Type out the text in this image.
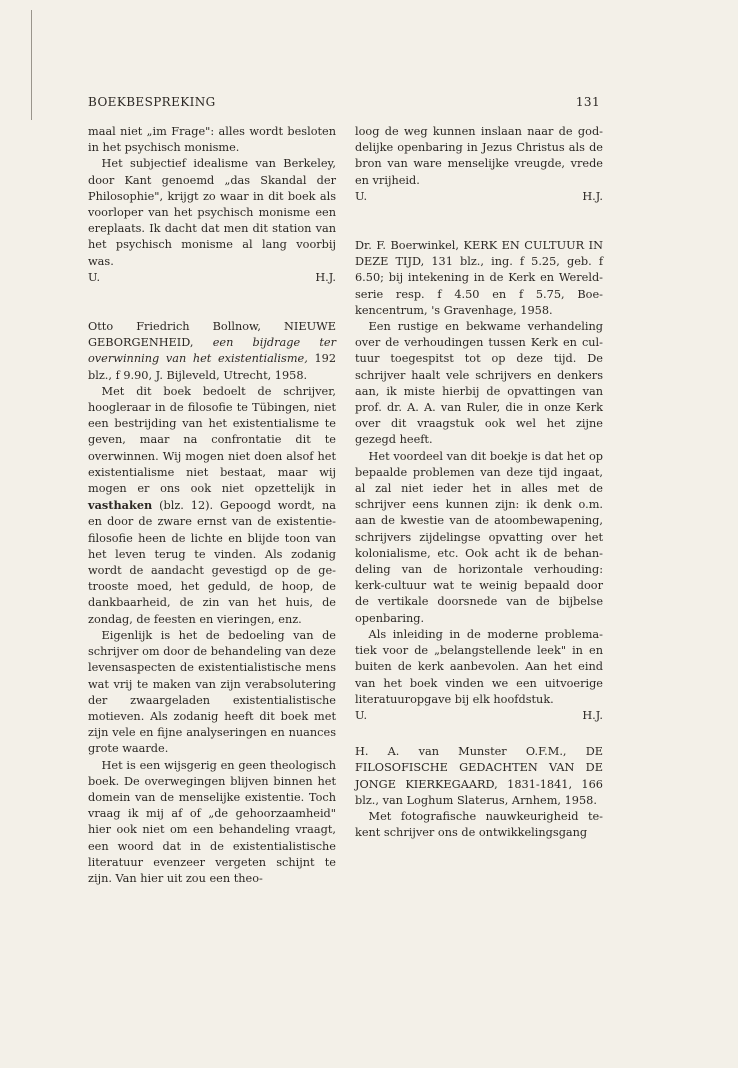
BOEKBESPREKING	131

maal niet „im Frage": alles wordt besloten in het psychisch monisme.

Het subjectief idealisme van Berkeley, door Kant genoemd „das Skandal der Philosophie", krijgt zo waar in dit boek als voorloper van het psychisch monisme een ereplaats. Ik dacht dat men dit station van het psychisch monisme al lang voorbij was.

U.	H.J.

Otto Friedrich Bollnow, NIEUWE GEBORGENHEID, een bijdrage ter overwinning van het existentialisme, 192 blz., f 9.90, J. Bijleveld, Utrecht, 1958.

Met dit boek bedoelt de schrijver, hoogleraar in de filosofie te Tübingen, niet een bestrijding van het existentialisme te geven, maar na confrontatie dit te overwinnen. Wij mogen niet doen alsof het existentialisme niet bestaat, maar wij mogen er ons ook niet opzettelijk in vasthaken (blz. 12). Gepoogd wordt, na en door de zware ernst van de existentiefilosofie heen de lichte en blijde toon van het leven terug te vinden. Als zodanig wordt de aandacht gevestigd op de getrooste moed, het geduld, de hoop, de dankbaarheid, de zin van het huis, de zondag, de feesten en vieringen, enz.

Eigenlijk is het de bedoeling van de schrijver om door de behandeling van deze levensaspecten de existentialistische mens wat vrij te maken van zijn verabsolutering der zwaargeladen existentialistische motieven. Als zodanig heeft dit boek met zijn vele en fijne analyseringen en nuances grote waarde.

Het is een wijsgerig en geen theologisch boek. De overwegingen blijven binnen het domein van de menselijke existentie. Toch vraag ik mij af of „de gehoorzaamheid" hier ook niet om een behandeling vraagt, een woord dat in de existentialistische literatuur evenzeer vergeten schijnt te zijn. Van hier uit zou een theo-

loog de weg kunnen inslaan naar de goddelijke openbaring in Jezus Christus als de bron van ware menselijke vreugde, vrede en vrijheid.

U.	H.J.

Dr. F. Boerwinkel, KERK EN CULTUUR IN DEZE TIJD, 131 blz., ing. f 5.25, geb. f 6.50; bij intekening in de Kerk en Wereldserie resp. f 4.50 en f 5.75, Boekencentrum, 's Gravenhage, 1958.

Een rustige en bekwame verhandeling over de verhoudingen tussen Kerk en cultuur toegespitst tot op deze tijd. De schrijver haalt vele schrijvers en denkers aan, ik miste hierbij de opvattingen van prof. dr. A. A. van Ruler, die in onze Kerk over dit vraagstuk ook wel het zijne gezegd heeft.

Het voordeel van dit boekje is dat het op bepaalde problemen van deze tijd ingaat, al zal niet ieder het in alles met de schrijver eens kunnen zijn: ik denk o.m. aan de kwestie van de atoombewapening, schrijvers zijdelingse opvatting over het kolonialisme, etc. Ook acht ik de behandeling van de horizontale verhouding: kerk-cultuur wat te weinig bepaald door de vertikale doorsnede van de bijbelse openbaring.

Als inleiding in de moderne problematiek voor de „belangstellende leek" in en buiten de kerk aanbevolen. Aan het eind van het boek vinden we een uitvoerige literatuuropgave bij elk hoofdstuk.

U.	H.J.

H. A. van Munster O.F.M., DE FILOSOFISCHE GEDACHTEN VAN DE JONGE KIERKEGAARD, 1831-1841, 166 blz., van Loghum Slaterus, Arnhem, 1958.

Met fotografische nauwkeurigheid tekent schrijver ons de ontwikkelingsgang
